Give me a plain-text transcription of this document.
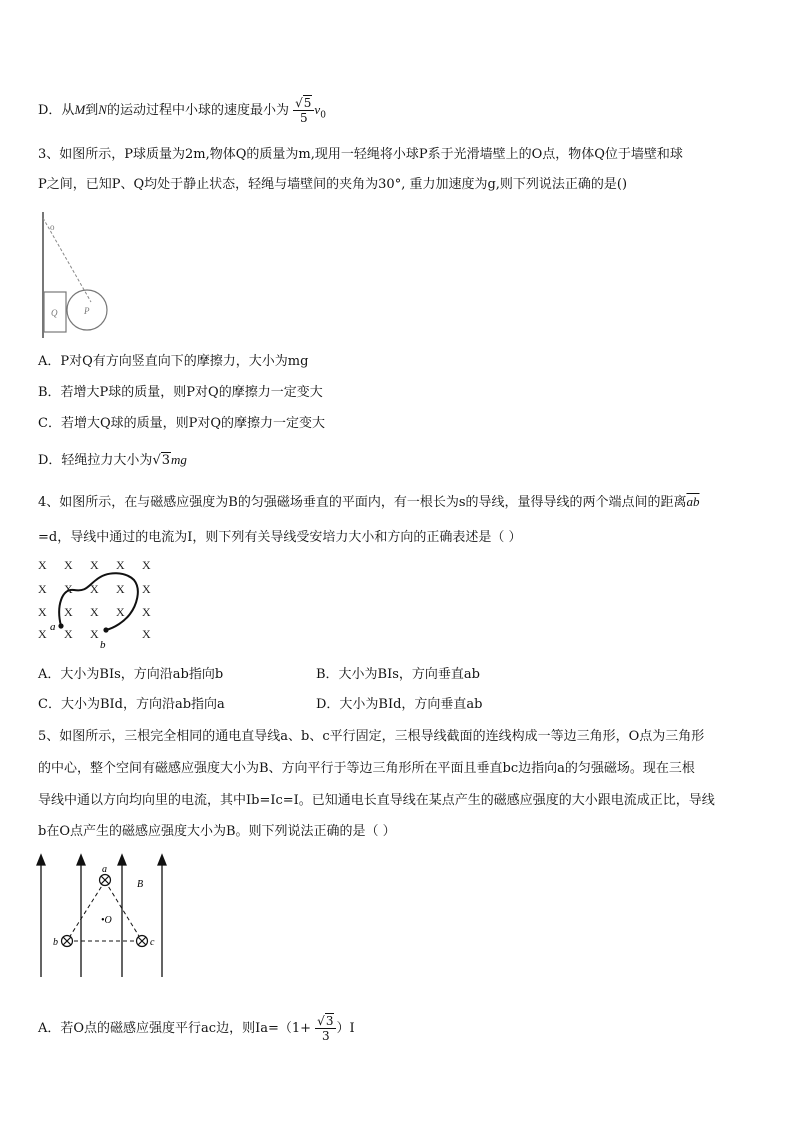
D．从M到N的运动过程中小球的速度最小为 $\frac{√5}{5} v_0$
3、如图所示，P球质量为2m,物体Q的质量为m,现用一轻绳将小球P系于光滑墙壁上的O点，物体Q位于墙壁和球
P之间，已知P、Q均处于静止状态，轻绳与墙壁间的夹角为30°, 重力加速度为g,则下列说法正确的是()
o
Q	P
A．P对Q有方向竖直向下的摩擦力，大小为mg
B．若增大P球的质量，则P对Q的摩擦力一定变大
C．若增大Q球的质量，则P对Q的摩擦力一定变大
D．轻绳拉力大小为√3mg
4、如图所示，在与磁感应强度为B的匀强磁场垂直的平面内，有一根长为s的导线，量得导线的两个端点间的距离$\overline{ab}$
=d，导线中通过的电流为I，则下列有关导线受安培力大小和方向的正确表述是（ ）
X X X X X
X X X X X
X X X X X
X X X	X
a
b
A．大小为BIs，方向沿ab指向b	B．大小为BIs，方向垂直ab
C．大小为BId，方向沿ab指向a	D．大小为BId，方向垂直ab
5、如图所示，三根完全相同的通电直导线a、b、c平行固定，三根导线截面的连线构成一等边三角形，O点为三角形
的中心，整个空间有磁感应强度大小为B、方向平行于等边三角形所在平面且垂直bc边指向a的匀强磁场。现在三根
导线中通以方向均向里的电流，其中Ib=Ic=I。已知通电长直导线在某点产生的磁感应强度的大小跟电流成正比，导线
b在O点产生的磁感应强度大小为B。则下列说法正确的是（ ）
a
b	c
•O
B
A．若O点的磁感应强度平行ac边，则$Ia=(1+ \frac{√3}{3} )I$
